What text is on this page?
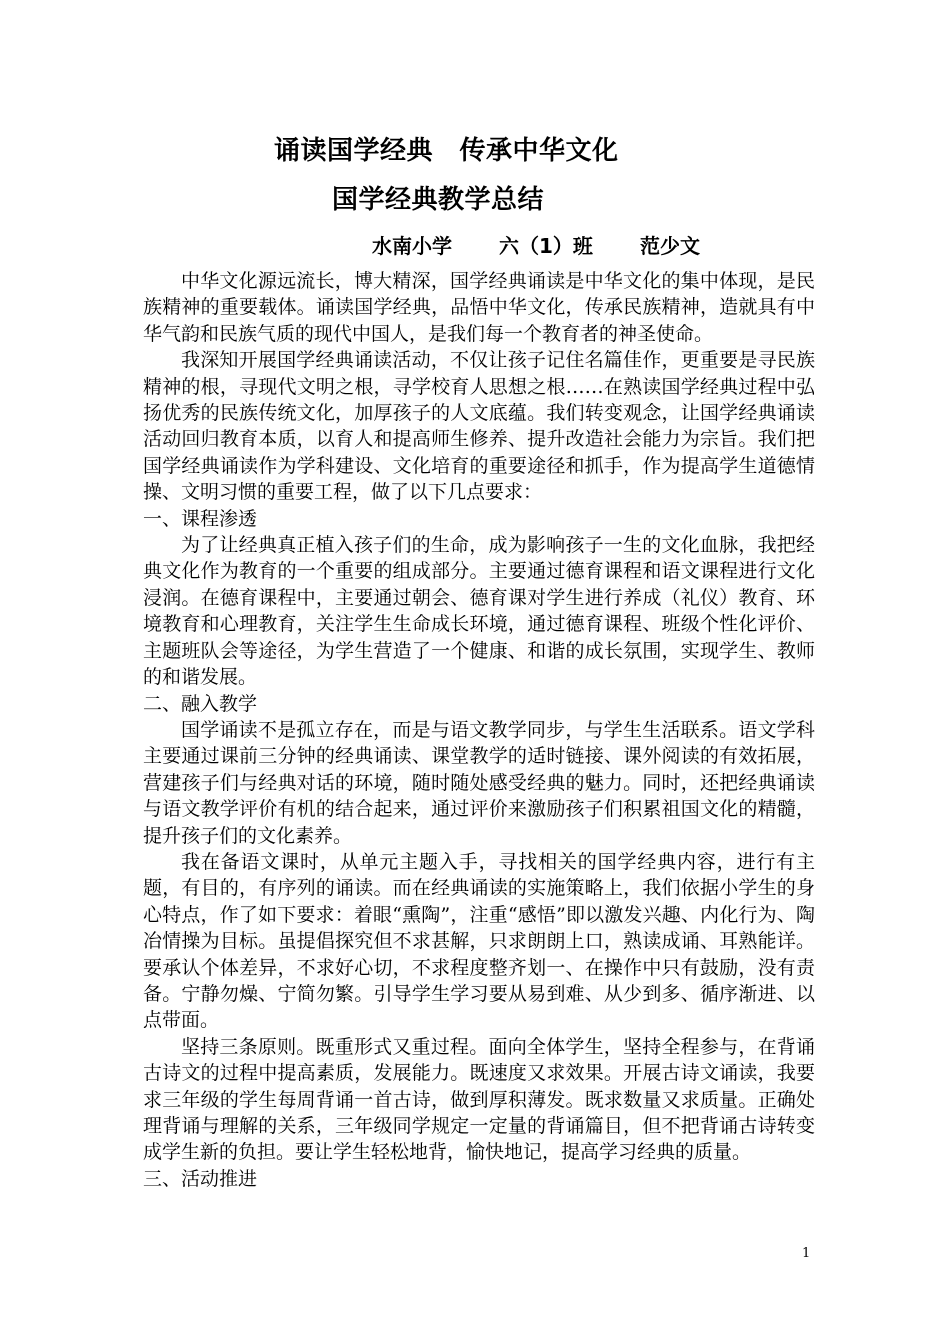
诵读国学经典　传承中华文化
国学经典教学总结
水南小学 六（1）班 范少文

中华文化源远流长，博大精深，国学经典诵读是中华文化的集中体现，是民族精神的重要载体。诵读国学经典，品悟中华文化，传承民族精神，造就具有中华气韵和民族气质的现代中国人，是我们每一个教育者的神圣使命。

我深知开展国学经典诵读活动，不仅让孩子记住名篇佳作，更重要是寻民族精神的根，寻现代文明之根，寻学校育人思想之根……在熟读国学经典过程中弘扬优秀的民族传统文化，加厚孩子的人文底蕴。我们转变观念，让国学经典诵读活动回归教育本质，以育人和提高师生修养、提升改造社会能力为宗旨。我们把国学经典诵读作为学科建设、文化培育的重要途径和抓手，作为提高学生道德情操、文明习惯的重要工程，做了以下几点要求：

一、课程渗透

为了让经典真正植入孩子们的生命，成为影响孩子一生的文化血脉，我把经典文化作为教育的一个重要的组成部分。主要通过德育课程和语文课程进行文化浸润。在德育课程中，主要通过朝会、德育课对学生进行养成（礼仪）教育、环境教育和心理教育，关注学生生命成长环境，通过德育课程、班级个性化评价、主题班队会等途径，为学生营造了一个健康、和谐的成长氛围，实现学生、教师的和谐发展。

二、融入教学

国学诵读不是孤立存在，而是与语文教学同步，与学生生活联系。语文学科主要通过课前三分钟的经典诵读、课堂教学的适时链接、课外阅读的有效拓展，营建孩子们与经典对话的环境，随时随处感受经典的魅力。同时，还把经典诵读与语文教学评价有机的结合起来，通过评价来激励孩子们积累祖国文化的精髓，提升孩子们的文化素养。

我在备语文课时，从单元主题入手，寻找相关的国学经典内容，进行有主题，有目的，有序列的诵读。而在经典诵读的实施策略上，我们依据小学生的身心特点，作了如下要求：着眼“熏陶”，注重“感悟”即以激发兴趣、内化行为、陶冶情操为目标。虽提倡探究但不求甚解，只求朗朗上口，熟读成诵、耳熟能详。要承认个体差异，不求好心切，不求程度整齐划一、在操作中只有鼓励，没有责备。宁静勿燥、宁简勿繁。引导学生学习要从易到难、从少到多、循序渐进、以点带面。

坚持三条原则。既重形式又重过程。面向全体学生，坚持全程参与，在背诵古诗文的过程中提高素质，发展能力。既速度又求效果。开展古诗文诵读，我要求三年级的学生每周背诵一首古诗，做到厚积薄发。既求数量又求质量。正确处理背诵与理解的关系，三年级同学规定一定量的背诵篇目，但不把背诵古诗转变成学生新的负担。要让学生轻松地背，愉快地记，提高学习经典的质量。

三、活动推进

1
